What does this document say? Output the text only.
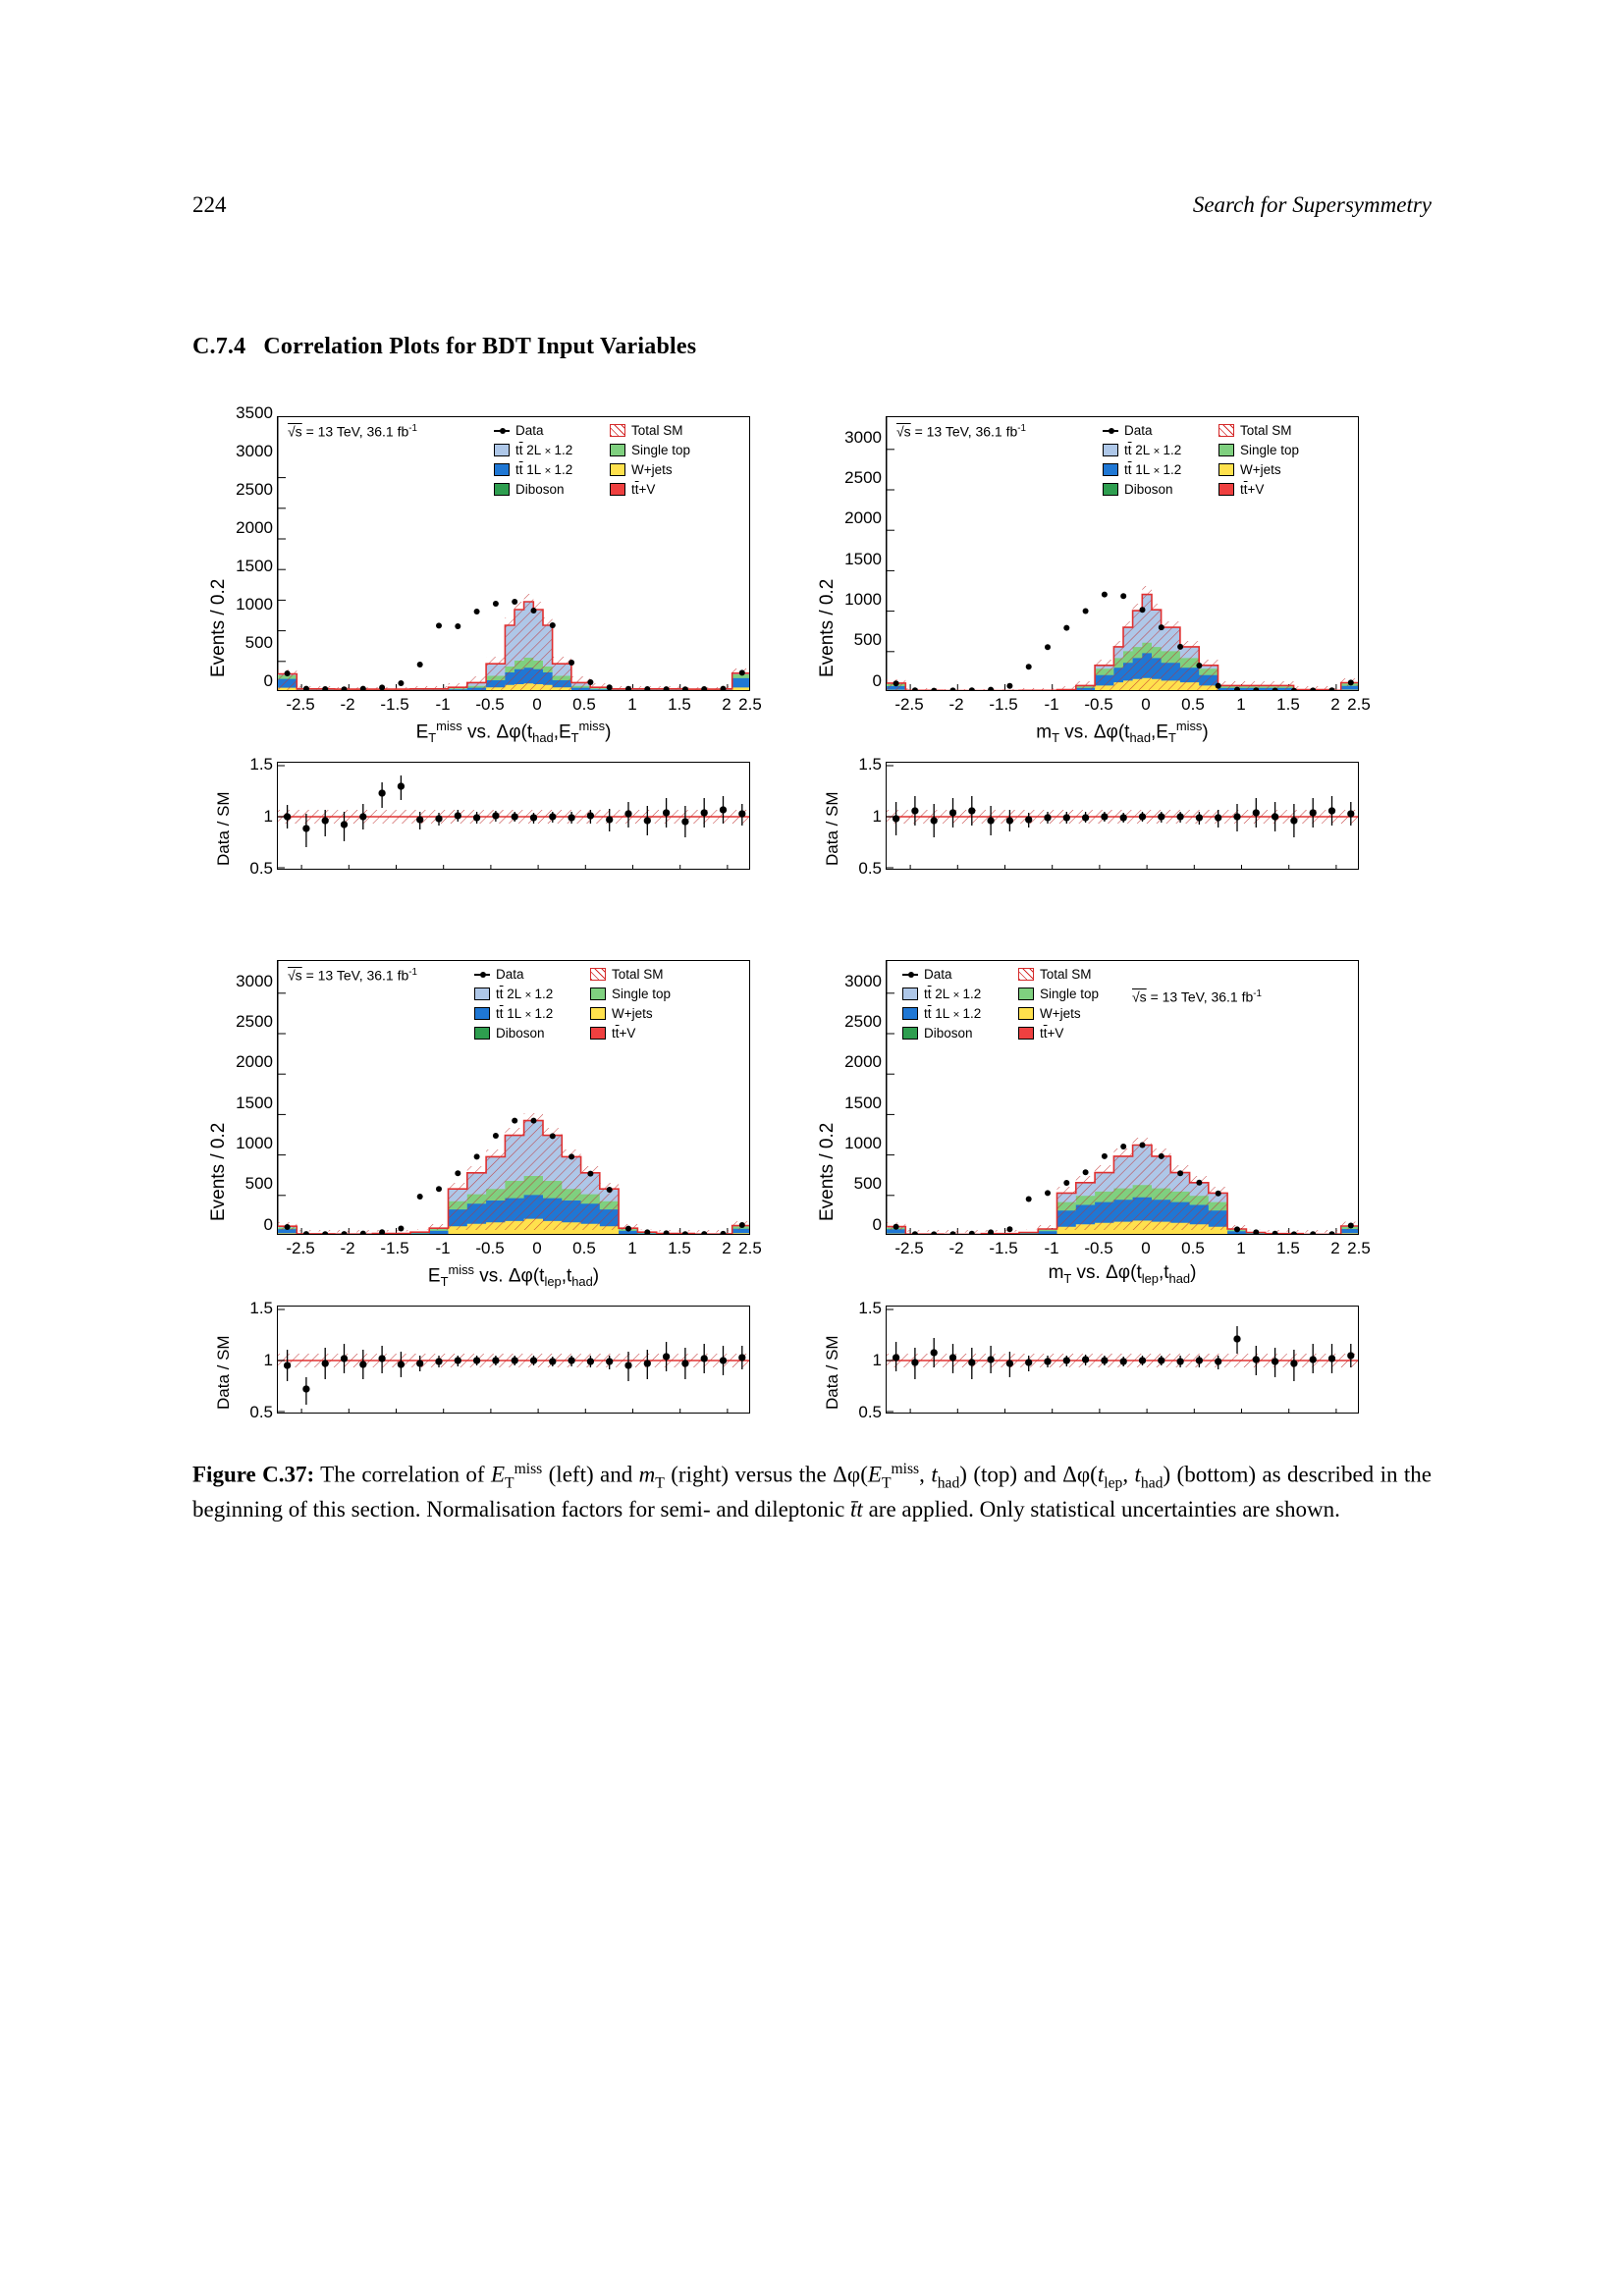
224	Search for Supersymmetry
C.7.4 Correlation Plots for BDT Input Variables
Events / 0.2
3500
3000
2500
2000
1500
1000
500
0
√s = 13 TeV, 36.1 $fb^{-1}$	Data	Total SM
$t\overline{t}$ 2L × 1.2	Single top
$t\overline{t}$ 1L × 1.2	W+jets
Diboson	$t\overline{t}+V$
-2.5 -2 -1.5 -1 -0.5 0 0.5 1 1.5 2 2.5
$E_T^{miss}$ vs. $\Delta\varphi(t_{had},E_T^{miss})$
Data / SM
1.5
1
0.5
Events / 0.2
3000
2500
2000
1500
1000
500
0
√s = 13 TeV, 36.1 $fb^{-1}$	Data	Total SM
$t\overline{t}$ 2L × 1.2	Single top
$t\overline{t}$ 1L × 1.2	W+jets
Diboson	$t\overline{t}+V$
-2.5 -2 -1.5 -1 -0.5 0 0.5 1 1.5 2 2.5
$m_T$ vs. $\Delta\varphi(t_{had},E_T^{miss})$
Data / SM
1.5
1
0.5
Events / 0.2
3000
2500
2000
1500
1000
500
0
√s = 13 TeV, 36.1 $fb^{-1}$	Data	Total SM
$t\overline{t}$ 2L × 1.2	Single top
$t\overline{t}$ 1L × 1.2	W+jets
Diboson	$t\overline{t}+V$
-2.5 -2 -1.5 -1 -0.5 0 0.5 1 1.5 2 2.5
$E_T^{miss}$ vs. $\Delta\varphi(t_{lep},t_{had})$
Data / SM
1.5
1
0.5
Events / 0.2
3000
2500
2000
1500
1000
500
0
√s = 13 TeV, 36.1 $fb^{-1}$
Data	Total SM
$t\overline{t}$ 2L × 1.2	Single top
$t\overline{t}$ 1L × 1.2	W+jets
Diboson	$t\overline{t}+V$
-2.5 -2 -1.5 -1 -0.5 0 0.5 1 1.5 2 2.5
$m_T$ vs. $\Delta\varphi(t_{lep},t_{had})$
Data / SM
1.5
1
0.5
Figure C.37: The correlation of $E_T^{miss}$ (left) and $m_T$ (right) versus the $\Delta\varphi(E_T^{miss}$, $t_{had}$) (top) and $\Delta\varphi(t_{lep}$, $t_{had}$) (bottom) as described in the beginning of this section. Normalisation factors for semi- and dileptonic t̄t are applied. Only statistical uncertainties are shown.
